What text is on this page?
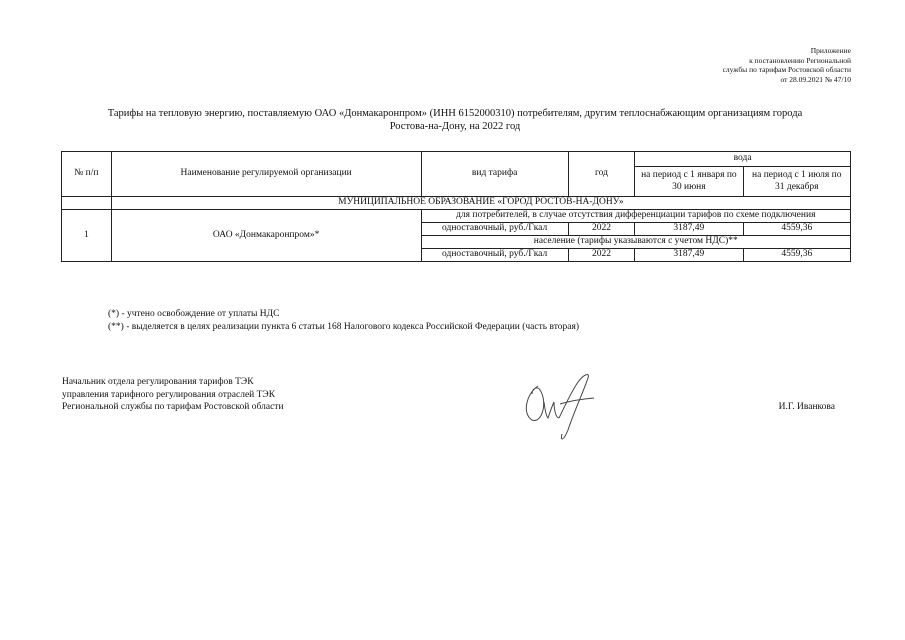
Приложение
к постановлению Региональной
службы по тарифам Ростовской области
от 28.09.2021 № 47/10
Тарифы на тепловую энергию, поставляемую ОАО «Донмакаронпром» (ИНН 6152000310) потребителям, другим теплоснабжающим организациям города
Ростова-на-Дону, на 2022 год
№ п/п	Наименование регулируемой организации	вид тарифа	год	вода	
				на период с 1 января по 30 июня	на период с 1 июля по 31 декабря

	МУНИЦИПАЛЬНОЕ ОБРАЗОВАНИЕ «ГОРОД РОСТОВ-НА-ДОНУ»				
1	ОАО «Донмакаронпром»*	для потребителей, в случае отсутствия дифференциации тарифов по схеме подключения			
		одноставочный, руб./Гкал	2022	3187,49	4559,36
		население (тарифы указываются с учетом НДС)**			
		одноставочный, руб./Гкал	2022	3187,49	4559,36
(*) - учтено освобождение от уплаты НДС
(**) - выделяется в целях реализации пункта 6 статьи 168 Налогового кодекса Российской Федерации (часть вторая)
Начальник отдела регулирования тарифов ТЭК
управления тарифного регулирования отраслей ТЭК
Региональной службы по тарифам Ростовской области	И.Г. Иванкова
